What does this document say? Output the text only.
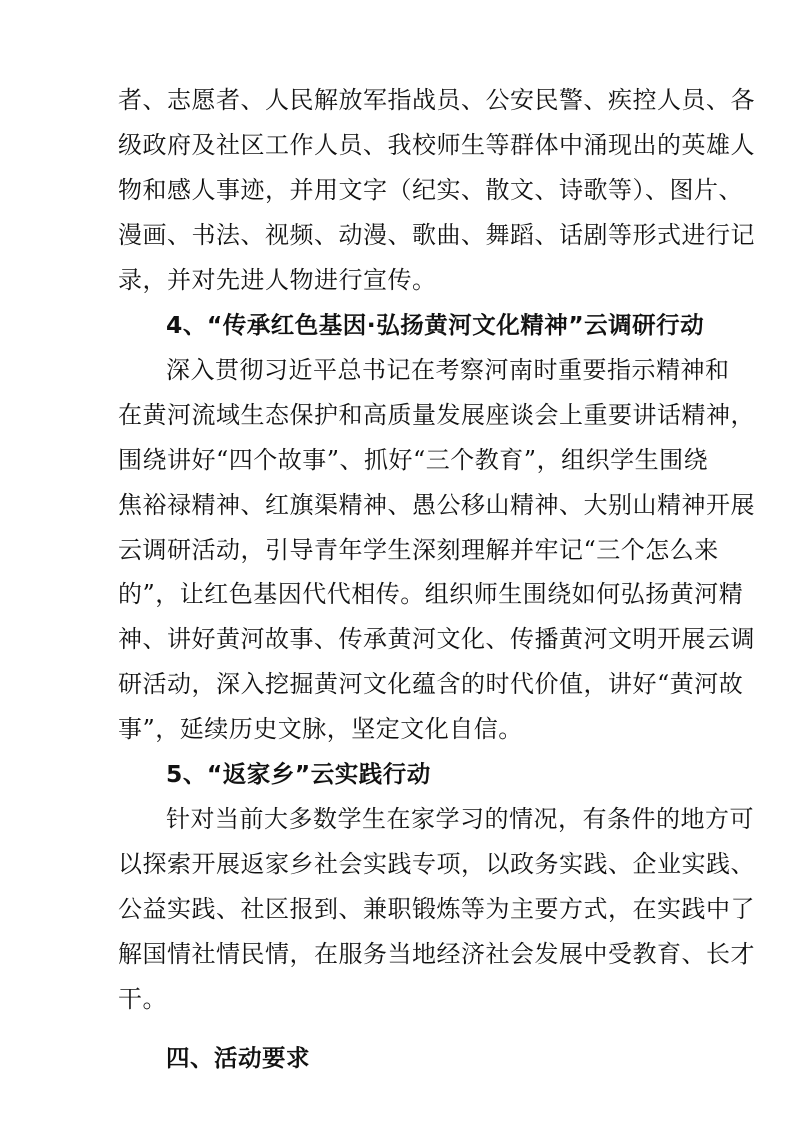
者、志愿者、人民解放军指战员、公安民警、疾控人员、各
级政府及社区工作人员、我校师生等群体中涌现出的英雄人
物和感人事迹，并用文字（纪实、散文、诗歌等）、图片、
漫画、书法、视频、动漫、歌曲、舞蹈、话剧等形式进行记
录，并对先进人物进行宣传。
4、“传承红色基因·弘扬黄河文化精神”云调研行动
深入贯彻习近平总书记在考察河南时重要指示精神和
在黄河流域生态保护和高质量发展座谈会上重要讲话精神，
围绕讲好“四个故事”、抓好“三个教育”，组织学生围绕
焦裕禄精神、红旗渠精神、愚公移山精神、大别山精神开展
云调研活动，引导青年学生深刻理解并牢记“三个怎么来
的”，让红色基因代代相传。组织师生围绕如何弘扬黄河精
神、讲好黄河故事、传承黄河文化、传播黄河文明开展云调
研活动，深入挖掘黄河文化蕴含的时代价值，讲好“黄河故
事”，延续历史文脉，坚定文化自信。
5、“返家乡”云实践行动
针对当前大多数学生在家学习的情况，有条件的地方可
以探索开展返家乡社会实践专项，以政务实践、企业实践、
公益实践、社区报到、兼职锻炼等为主要方式，在实践中了
解国情社情民情，在服务当地经济社会发展中受教育、长才
干。
四、活动要求
